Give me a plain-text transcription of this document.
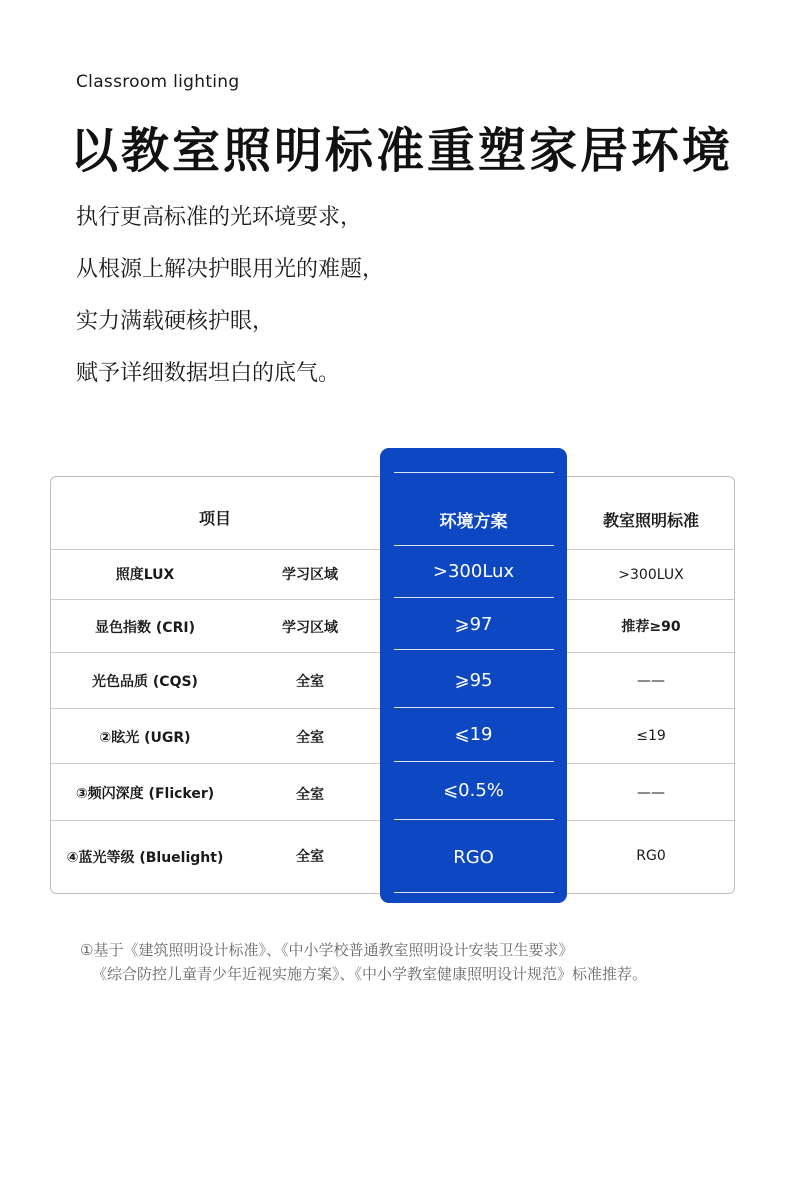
Classroom lighting
以教室照明标准重塑家居环境
执行更高标准的光环境要求，
从根源上解决护眼用光的难题，
实力满载硬核护眼，
赋予详细数据坦白的底气。
项目	环境方案	教室照明标准
照度LUX	学习区域	>300Lux	>300LUX
显色指数 (CRI)	学习区域	⩾97	推荐≥90
光色品质 (CQS)	全室	⩾95	——
②眩光 (UGR)	全室	⩽19	≤19
③频闪深度 (Flicker)	全室	⩽0.5%	——
④蓝光等级 (Bluelight)	全室	RGO	RG0
①基于《建筑照明设计标准》、《中小学校普通教室照明设计安装卫生要求》
《综合防控儿童青少年近视实施方案》、《中小学教室健康照明设计规范》标准推荐。
